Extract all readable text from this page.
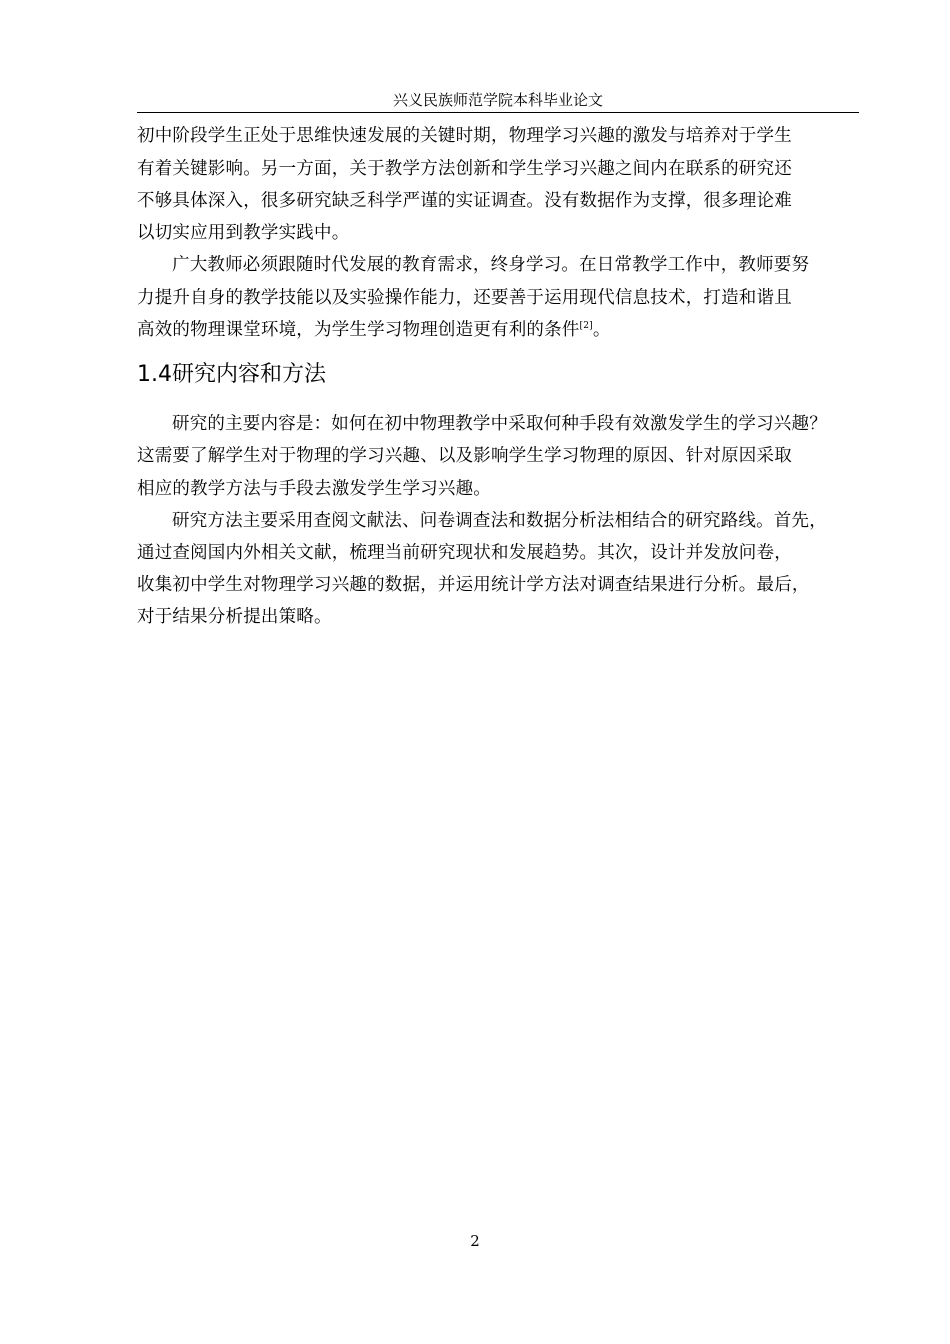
兴义民族师范学院本科毕业论文
初中阶段学生正处于思维快速发展的关键时期，物理学习兴趣的激发与培养对于学生
有着关键影响。另一方面，关于教学方法创新和学生学习兴趣之间内在联系的研究还
不够具体深入，很多研究缺乏科学严谨的实证调查。没有数据作为支撑，很多理论难
以切实应用到教学实践中。
广大教师必须跟随时代发展的教育需求，终身学习。在日常教学工作中，教师要努
力提升自身的教学技能以及实验操作能力，还要善于运用现代信息技术，打造和谐且
高效的物理课堂环境，为学生学习物理创造更有利的条件[2]。
1.4研究内容和方法
研究的主要内容是：如何在初中物理教学中采取何种手段有效激发学生的学习兴趣？
这需要了解学生对于物理的学习兴趣、以及影响学生学习物理的原因、针对原因采取
相应的教学方法与手段去激发学生学习兴趣。
研究方法主要采用查阅文献法、问卷调查法和数据分析法相结合的研究路线。首先，
通过查阅国内外相关文献，梳理当前研究现状和发展趋势。其次，设计并发放问卷，
收集初中学生对物理学习兴趣的数据，并运用统计学方法对调查结果进行分析。最后，
对于结果分析提出策略。
2
